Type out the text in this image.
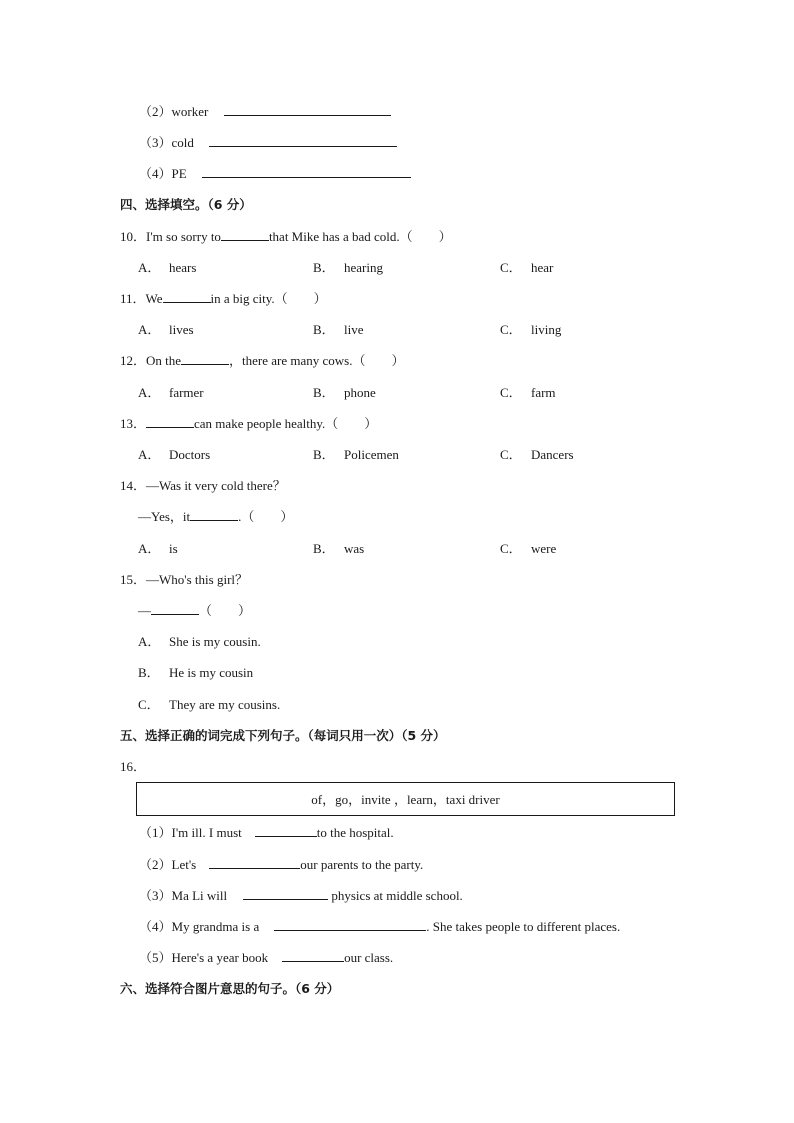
（2）worker
（3）cold
（4）PE
四、选择填空。（6 分）
10．I'm so sorry to	that Mike has a bad cold.（　　）
A． hears	B． hearing	C． hear
11．We	in a big city.（　　）
A． lives	B． live	C． living
12．On the	，there are many cows.（　　）
A． farmer	B． phone	C． farm
13．	can make people healthy.（　　）
A． Doctors	B． Policemen	C． Dancers
14．—Was it very cold there？
—Yes，it	.（　　）
A． is	B． was	C． were
15．—Who's this girl？
—	（　　）
A． She is my cousin.
B． He is my cousin
C． They are my cousins.
五、选择正确的词完成下列句子。（每词只用一次）（5 分）
16．
of，go，invite ，learn，taxi driver
（1）I'm ill. I must	to the hospital.
（2）Let's	our parents to the party.
（3）Ma Li will	physics at middle school.
（4）My grandma is a	. She takes people to different places.
（5）Here's a year book	our class.
六、选择符合图片意思的句子。（6 分）
